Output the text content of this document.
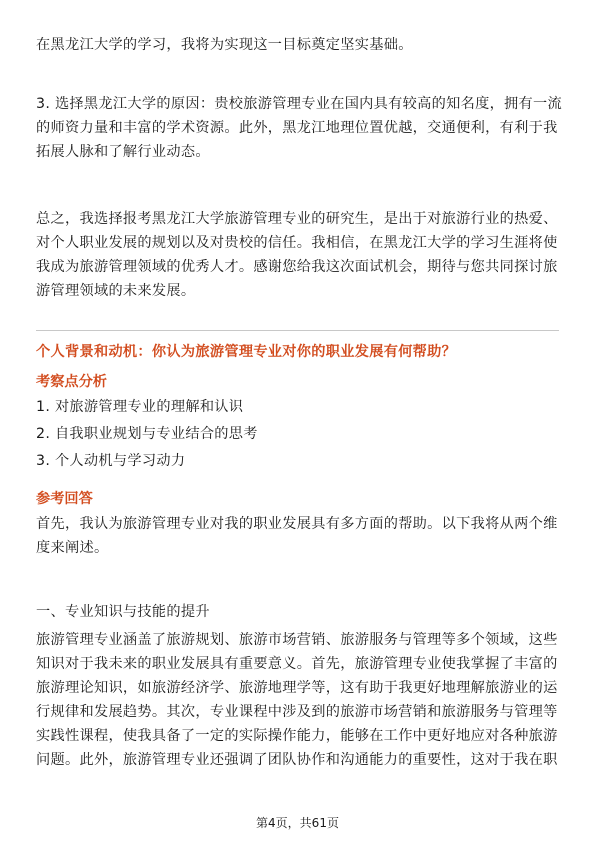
在黑龙江大学的学习，我将为实现这一目标奠定坚实基础。

3. 选择黑龙江大学的原因：贵校旅游管理专业在国内具有较高的知名度，拥有一流
的师资力量和丰富的学术资源。此外，黑龙江地理位置优越，交通便利，有利于我
拓展人脉和了解行业动态。

总之，我选择报考黑龙江大学旅游管理专业的研究生，是出于对旅游行业的热爱、
对个人职业发展的规划以及对贵校的信任。我相信，在黑龙江大学的学习生涯将使
我成为旅游管理领域的优秀人才。感谢您给我这次面试机会，期待与您共同探讨旅
游管理领域的未来发展。

个人背景和动机：你认为旅游管理专业对你的职业发展有何帮助？

考察点分析

1. 对旅游管理专业的理解和认识

2. 自我职业规划与专业结合的思考

3. 个人动机与学习动力

参考回答

首先，我认为旅游管理专业对我的职业发展具有多方面的帮助。以下我将从两个维
度来阐述。

一、专业知识与技能的提升

旅游管理专业涵盖了旅游规划、旅游市场营销、旅游服务与管理等多个领域，这些
知识对于我未来的职业发展具有重要意义。首先，旅游管理专业使我掌握了丰富的
旅游理论知识，如旅游经济学、旅游地理学等，这有助于我更好地理解旅游业的运
行规律和发展趋势。其次，专业课程中涉及到的旅游市场营销和旅游服务与管理等
实践性课程，使我具备了一定的实际操作能力，能够在工作中更好地应对各种旅游
问题。此外，旅游管理专业还强调了团队协作和沟通能力的重要性，这对于我在职

第4页，共61页
